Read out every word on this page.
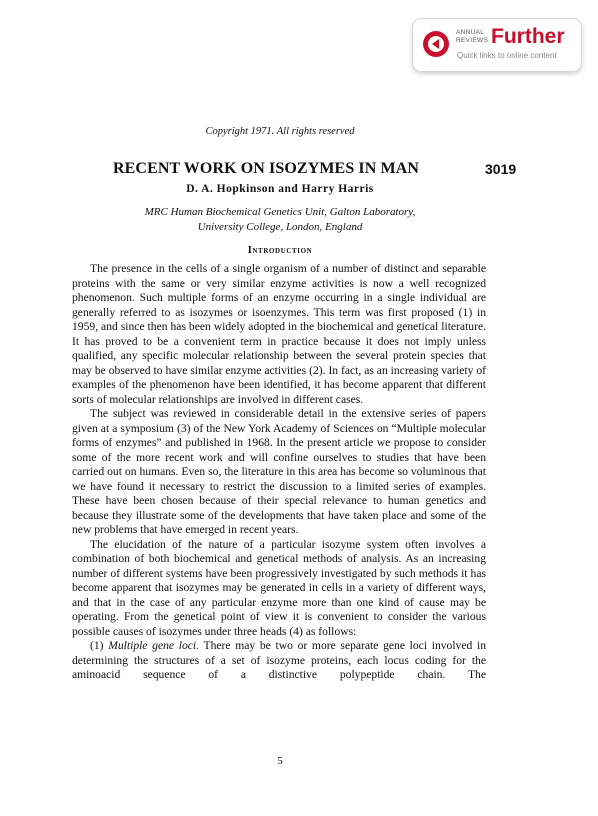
ANNUAL
REVIEWS Further
Quick links to online content
Copyright 1971. All rights reserved
RECENT WORK ON ISOZYMES IN MAN	3019
D. A. Hopkinson and Harry Harris
MRC Human Biochemical Genetics Unit, Galton Laboratory,
University College, London, England
Introduction

The presence in the cells of a single organism of a number of distinct and separable proteins with the same or very similar enzyme activities is now a well recognized phenomenon. Such multiple forms of an enzyme occurring in a single individual are generally referred to as isozymes or isoenzymes. This term was first proposed (1) in 1959, and since then has been widely adopted in the biochemical and genetical literature. It has proved to be a convenient term in practice because it does not imply unless qualified, any specific molecular relationship between the several protein species that may be observed to have similar enzyme activities (2). In fact, as an increasing variety of examples of the phenomenon have been identified, it has become apparent that different sorts of molecular relationships are involved in different cases.

The subject was reviewed in considerable detail in the extensive series of papers given at a symposium (3) of the New York Academy of Sciences on “Multiple molecular forms of enzymes” and published in 1968. In the present article we propose to consider some of the more recent work and will confine ourselves to studies that have been carried out on humans. Even so, the literature in this area has become so voluminous that we have found it necessary to restrict the discussion to a limited series of examples. These have been chosen because of their special relevance to human genetics and because they illustrate some of the developments that have taken place and some of the new problems that have emerged in recent years.

The elucidation of the nature of a particular isozyme system often involves a combination of both biochemical and genetical methods of analysis. As an increasing number of different systems have been progressively investigated by such methods it has become apparent that isozymes may be generated in cells in a variety of different ways, and that in the case of any particular enzyme more than one kind of cause may be operating. From the genetical point of view it is convenient to consider the various possible causes of isozymes under three heads (4) as follows:

(1) Multiple gene loci. There may be two or more separate gene loci involved in determining the structures of a set of isozyme proteins, each locus coding for the aminoacid sequence of a distinctive polypeptide chain. The

5
